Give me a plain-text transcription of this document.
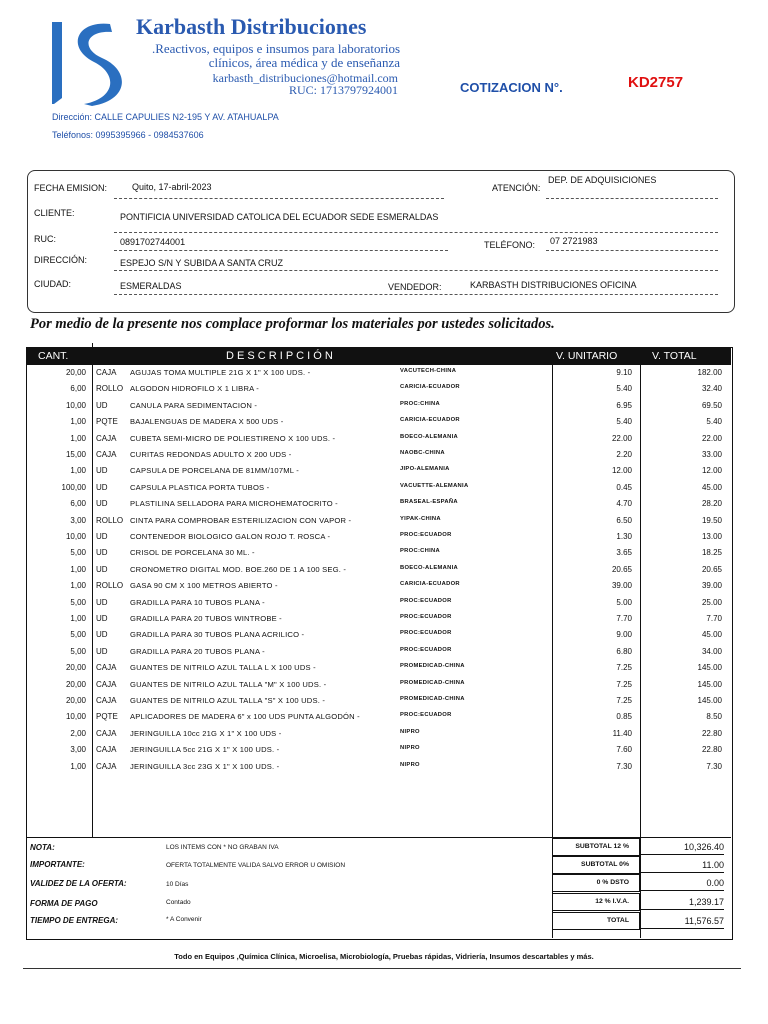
Karbasth Distribuciones
.Reactivos, equipos e insumos para laboratorios clínicos, área médica y de enseñanza
karbasth_distribuciones@hotmail.com
RUC: 1713797924001	COTIZACION N°.	KD2757
Dirección: CALLE CAPULIES N2-195 Y AV. ATAHUALPA
Teléfonos: 0995395966 - 0984537606
FECHA EMISION:	Quito, 17-abril-2023	ATENCIÓN:
DEP. DE ADQUISICIONES
CLIENTE:	PONTIFICIA UNIVERSIDAD CATOLICA DEL ECUADOR SEDE ESMERALDAS
RUC:	0891702744001	TELÉFONO: 07 2721983
DIRECCIÓN:	ESPEJO S/N Y SUBIDA A SANTA CRUZ
CIUDAD:	ESMERALDAS	VENDEDOR:	KARBASTH DISTRIBUCIONES OFICINA
Por medio de la presente nos complace proformar los materiales por ustedes solicitados.
CANT.	D E S C R I P C I Ó N	V. UNITARIO	V. TOTAL
20,00 CAJA AGUJAS TOMA MULTIPLE 21G X 1" X 100 UDS. -	VACUTECH-CHINA	9.10	182.00
6,00 ROLLO ALGODON HIDROFILO X 1 LIBRA -	CARICIA-ECUADOR	5.40	32.40
10,00 UD	CANULA PARA SEDIMENTACION -	PROC:CHINA	6.95	69.50
1,00 PQTE BAJALENGUAS DE MADERA X 500 UDS -	CARICIA-ECUADOR	5.40	5.40
1,00 CAJA CUBETA SEMI-MICRO DE POLIESTIRENO X 100 UDS. -	BOECO-ALEMANIA	22.00	22.00
15,00 CAJA CURITAS REDONDAS ADULTO X 200 UDS -	NAOBC-CHINA	2.20	33.00
1,00 UD	CAPSULA DE PORCELANA DE 81MM/107ML -	JIPO-ALEMANIA	12.00	12.00
100,00 UD	CAPSULA PLASTICA PORTA TUBOS -	VACUETTE-ALEMANIA	0.45	45.00
6,00 UD	PLASTILINA SELLADORA PARA MICROHEMATOCRITO -	BRASEAL-ESPAÑA	4.70	28.20
3,00 ROLLO CINTA PARA COMPROBAR ESTERILIZACION CON VAPOR -	YIPAK-CHINA	6.50	19.50
10,00 UD	CONTENEDOR BIOLOGICO GALON ROJO T. ROSCA -	PROC:ECUADOR	1.30	13.00
5,00 UD	CRISOL DE PORCELANA 30 ML. -	PROC:CHINA	3.65	18.25
1,00 UD	CRONOMETRO DIGITAL MOD. BOE.260 DE 1 A 100 SEG. -	BOECO-ALEMANIA	20.65	20.65
1,00 ROLLO GASA 90 CM X 100 METROS ABIERTO -	CARICIA-ECUADOR	39.00	39.00
5,00 UD	GRADILLA PARA 10 TUBOS PLANA -	PROC:ECUADOR	5.00	25.00
1,00 UD	GRADILLA PARA 20 TUBOS WINTROBE -	PROC:ECUADOR	7.70	7.70
5,00 UD	GRADILLA PARA 30 TUBOS PLANA ACRILICO -	PROC:ECUADOR	9.00	45.00
5,00 UD	GRADILLA PARA 20 TUBOS PLANA -	PROC:ECUADOR	6.80	34.00
20,00 CAJA GUANTES DE NITRILO AZUL TALLA L X 100 UDS -	PROMEDICAD-CHINA	7.25	145.00
20,00 CAJA GUANTES DE NITRILO AZUL TALLA "M" X 100 UDS. -	PROMEDICAD-CHINA	7.25	145.00
20,00 CAJA GUANTES DE NITRILO AZUL TALLA "S" X 100 UDS. -	PROMEDICAD-CHINA	7.25	145.00
10,00 PQTE APLICADORES DE MADERA 6" x 100 UDS PUNTA ALGODÓN -	PROC:ECUADOR	0.85	8.50
2,00 CAJA JERINGUILLA 10cc 21G X 1" X 100 UDS -	NIPRO	11.40	22.80
3,00 CAJA JERINGUILLA 5cc 21G X 1" X 100 UDS. -	NIPRO	7.60	22.80
1,00 CAJA JERINGUILLA 3cc 23G X 1" X 100 UDS. -	NIPRO	7.30	7.30
NOTA:	LOS INTEMS CON * NO GRABAN IVA
IMPORTANTE:	OFERTA TOTALMENTE VALIDA SALVO ERROR U OMISION
VALIDEZ DE LA OFERTA:	10 Días
FORMA DE PAGO	Contado
TIEMPO DE ENTREGA:	* A Convenir
SUBTOTAL 12 %	10,326.40
SUBTOTAL 0%	11.00
0 % DSTO	0.00
12 % I.V.A.	1,239.17
TOTAL	11,576.57
Todo en Equipos ,Química Clínica, Microelisa, Microbiología, Pruebas rápidas, Vidriería, Insumos descartables y más.
